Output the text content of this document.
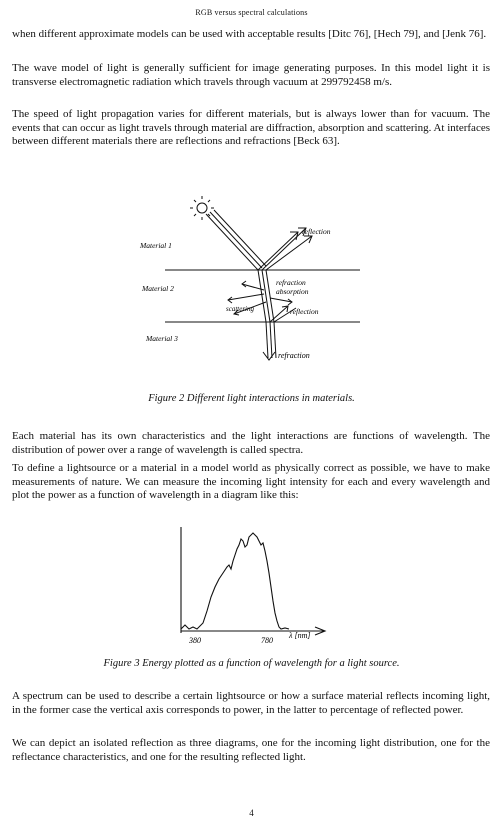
RGB versus spectral calculations

when different approximate models can be used with acceptable results [Ditc 76], [Hech 79], and [Jenk 76].

The wave model of light is generally sufficient for image generating purposes. In this model light it is transverse electromagnetic radiation which travels through vacuum at 299792458 m/s.

The speed of light propagation varies for different materials, but is always lower than for vacuum. The events that can occur as light travels through material are diffraction, absorption and scattering. At interfaces between different materials there are reflections and refractions [Beck 63].

Material 1
Material 2
Material 3
reflection
refraction absorption
scattering	reflection
refraction
Figure 2 Different light interactions in materials.

Each material has its own characteristics and the light interactions are functions of wavelength. The distribution of power over a range of wavelength is called spectra.

To define a lightsource or a material in a model world as physically correct as possible, we have to make measurements of nature. We can measure the incoming light intensity for each and every wavelength and plot the power as a function of wavelength in a diagram like this:

380	780
λ [nm]
Figure 3 Energy plotted as a function of wavelength for a light source.

A spectrum can be used to describe a certain lightsource or how a surface material reflects incoming light, in the former case the vertical axis corresponds to power, in the latter to percentage of reflected power.

We can depict an isolated reflection as three diagrams, one for the incoming light distribution, one for the reflectance characteristics, and one for the resulting reflected light.

4
